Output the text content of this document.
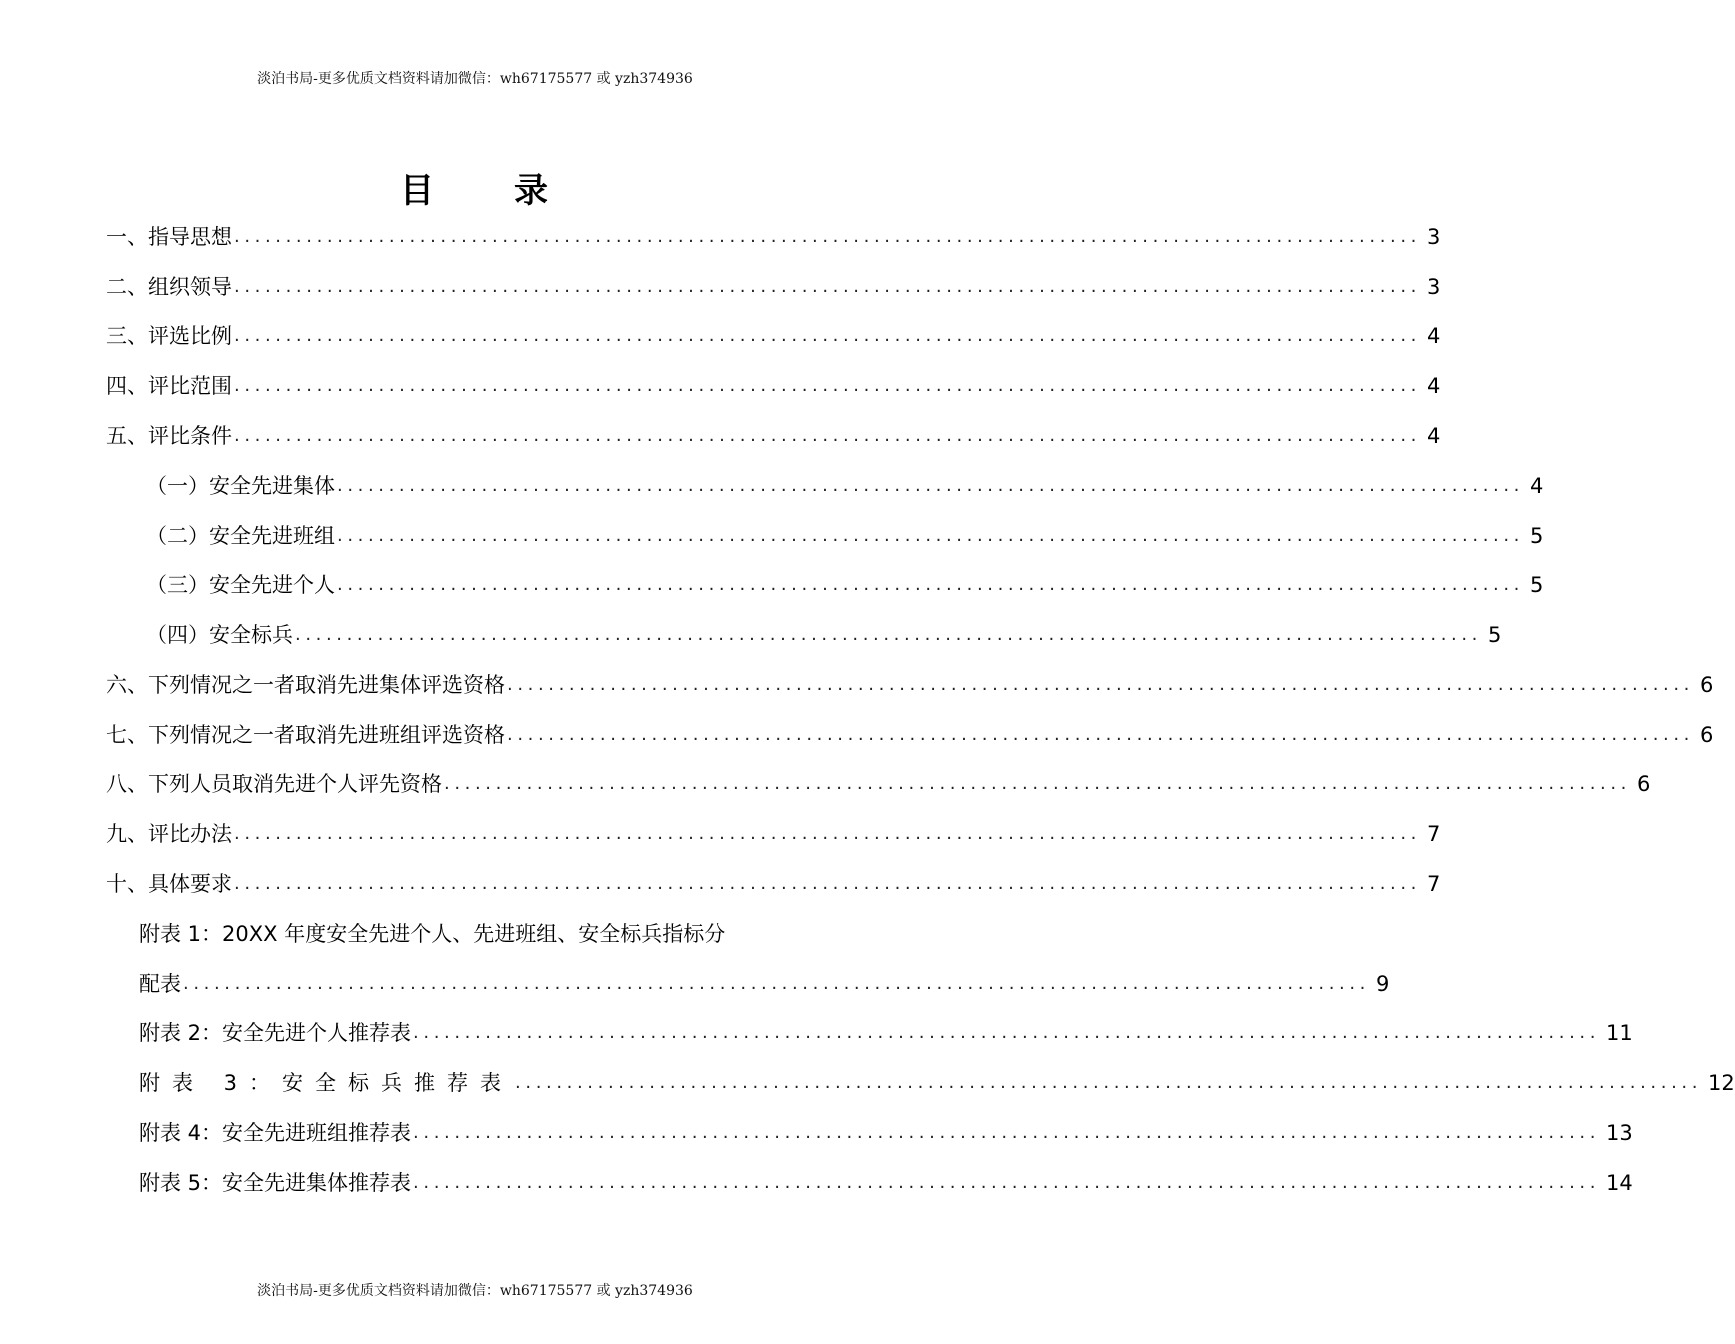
淡泊书局-更多优质文档资料请加微信：wh67175577 或 yzh374936
目 录
一、指导思想 ................................................................................................................... 3
二、组织领导 ................................................................................................................... 3
三、评选比例 ................................................................................................................... 4
四、评比范围 ................................................................................................................... 4
五、评比条件 ................................................................................................................... 4
（一）安全先进集体 ................................................................................................................... 4
（二）安全先进班组 ................................................................................................................... 5
（三）安全先进个人 ................................................................................................................... 5
（四）安全标兵 ................................................................................................................... 5
六、下列情况之一者取消先进集体评选资格 ................................................................................................................... 6
七、下列情况之一者取消先进班组评选资格 ................................................................................................................... 6
八、下列人员取消先进个人评先资格 ................................................................................................................... 6
九、评比办法 ................................................................................................................... 7
十、具体要求 ................................................................................................................... 7
附表 1：20XX 年度安全先进个人、先进班组、安全标兵指标分
配表 ................................................................................................................... 9
附表 2：安全先进个人推荐表 ................................................................................................................... 11
附表 3：安全标兵推荐表 ................................................................................................................... 12
附表 4：安全先进班组推荐表 ................................................................................................................... 13
附表 5：安全先进集体推荐表 ................................................................................................................... 14
淡泊书局-更多优质文档资料请加微信：wh67175577 或 yzh374936
